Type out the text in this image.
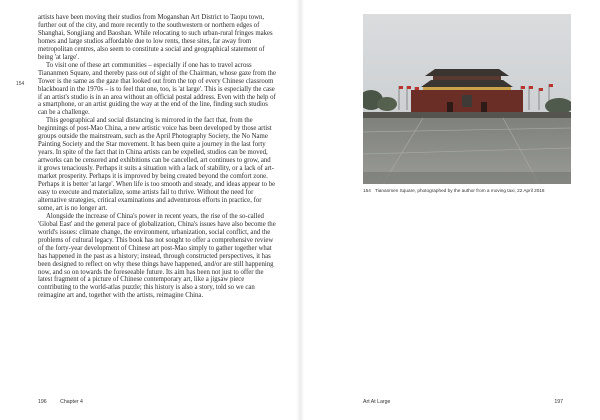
154

artists have been moving their studios from Moganshan Art District to Taopu town, further out of the city, and more recently to the southwestern or northern edges of Shanghai, Songjiang and Baoshan. While relocating to such urban-rural fringes makes homes and large studios affordable due to low rents, these sites, far away from metropolitan centres, also seem to constitute a social and geographical statement of being 'at large'.

To visit one of these art communities – especially if one has to travel across Tiananmen Square, and thereby pass out of sight of the Chairman, whose gaze from the Tower is the same as the gaze that looked out from the top of every Chinese classroom blackboard in the 1970s – is to feel that one, too, is 'at large'. This is especially the case if an artist's studio is in an area without an official postal address. Even with the help of a smartphone, or an artist guiding the way at the end of the line, finding such studios can be a challenge.

This geographical and social distancing is mirrored in the fact that, from the beginnings of post-Mao China, a new artistic voice has been developed by those artist groups outside the mainstream, such as the April Photography Society, the No Name Painting Society and the Star movement. It has been quite a journey in the last forty years. In spite of the fact that in China artists can be expelled, studios can be moved, artworks can be censored and exhibitions can be cancelled, art continues to grow, and it grows tenaciously. Perhaps it suits a situation with a lack of stability, or a lack of art-market prosperity. Perhaps it is improved by being created beyond the comfort zone. Perhaps it is better 'at large'. When life is too smooth and steady, and ideas appear to be easy to execute and materialize, some artists fail to thrive. Without the need for alternative strategies, critical examinations and adventurous efforts in practice, for some, art is no longer art.

Alongside the increase of China's power in recent years, the rise of the so-called 'Global East' and the general pace of globalization, China's issues have also become the world's issues: climate change, the environment, urbanization, social conflict, and the problems of cultural legacy. This book has not sought to offer a comprehensive review of the forty-year development of Chinese art post-Mao simply to gather together what has happened in the past as a history; instead, through constructed perspectives, it has been designed to reflect on why these things have happened, and/or are still happening now, and so on towards the foreseeable future. Its aim has been not just to offer the latest fragment of a picture of Chinese contemporary art, like a jigsaw piece contributing to the world-atlas puzzle; this history is also a story, told so we can reimagine art and, together with the artists, reimagine China.

196	Chapter 4
154 Tiananmen Square, photographed by the author from a moving taxi, 22 April 2018
Art At Large	197
